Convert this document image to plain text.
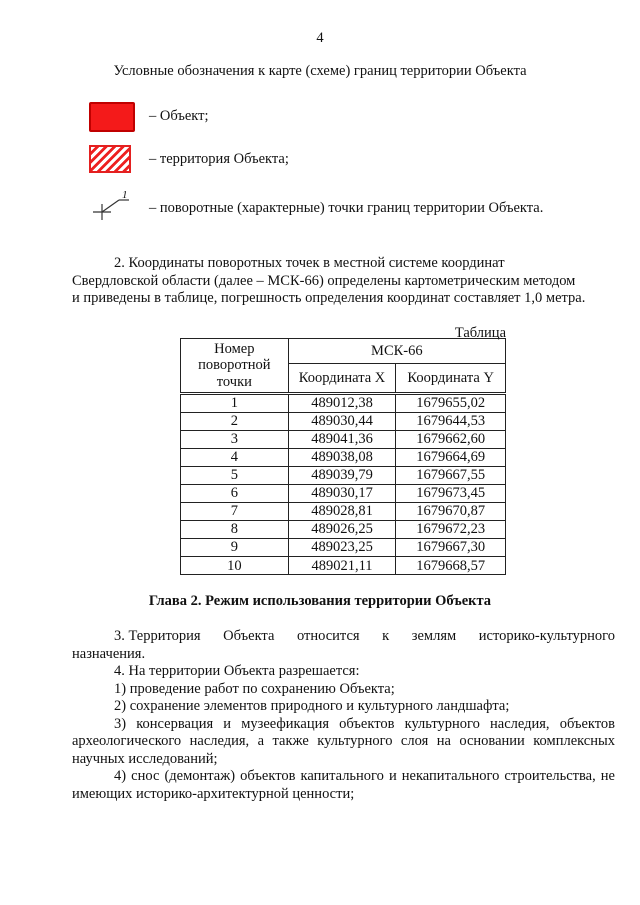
4
Условные обозначения к карте (схеме) границ территории Объекта
– Объект;
– территория Объекта;
1
– поворотные (характерные) точки границ территории Объекта.
2. Координаты поворотных точек в местной системе координат
Свердловской области (далее – МСК-66) определены картометрическим методом
и приведены в таблице, погрешность определения координат составляет 1,0 метра.
Таблица
Номер поворотной точки	МСК-66	
	Координата X	Координата Y
1	489012,38	1679655,02
2	489030,44	1679644,53
3	489041,36	1679662,60
4	489038,08	1679664,69
5	489039,79	1679667,55
6	489030,17	1679673,45
7	489028,81	1679670,87
8	489026,25	1679672,23
9	489023,25	1679667,30
10	489021,11	1679668,57
Глава 2. Режим использования территории Объекта
3. Территория Объекта относится к землям историко-культурного
назначения.

4. На территории Объекта разрешается:

1) проведение работ по сохранению Объекта;

2) сохранение элементов природного и культурного ландшафта;

3) консервация и музеефикация объектов культурного наследия, объектов археологического наследия, а также культурного слоя на основании комплексных научных исследований;

4) снос (демонтаж) объектов капитального и некапитального строительства, не имеющих историко-архитектурной ценности;
